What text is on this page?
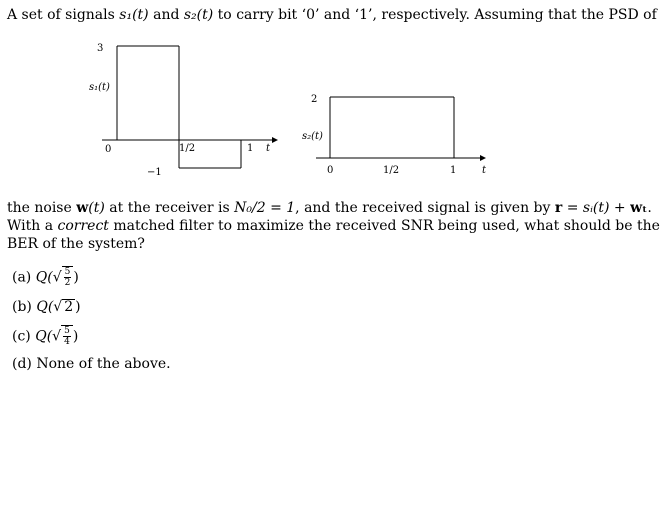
A set of signals s₁(t) and s₂(t) to carry bit ‘0’ and ‘1’, respectively. Assuming that the PSD of
3
s₁(t)
0
−1
1/2	1 t
2
s₂(t)
0	1/2	1	t
the noise w(t) at the receiver is N₀/2 = 1, and the received signal is given by r = sᵢ(t) + wₜ.
With a correct matched filter to maximize the received SNR being used, what should be the
BER of the system?
(a) $Q(√ \frac{5}{2}$ )
(b) Q(√ 2 )
(c) $Q(√ \frac{5}{4}$ )
(d) None of the above.
